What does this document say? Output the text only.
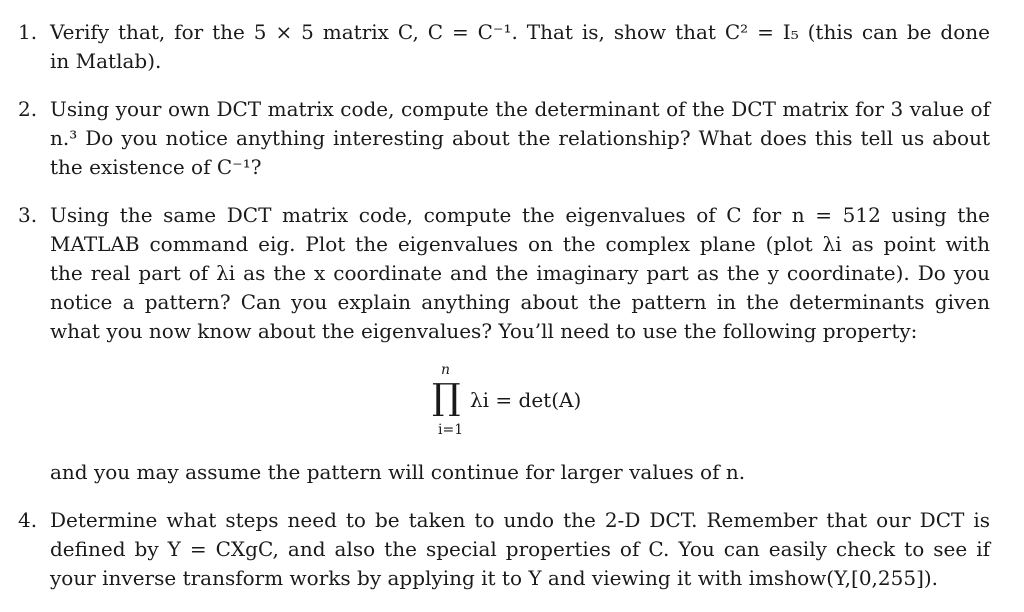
1. Verify that, for the 5 × 5 matrix C, C = C⁻¹. That is, show that C² = I₅ (this can be done
in Matlab).
2. Using your own DCT matrix code, compute the determinant of the DCT matrix for 3 value of
n.³ Do you notice anything interesting about the relationship? What does this tell us about
the existence of C⁻¹?
3. Using the same DCT matrix code, compute the eigenvalues of C for n = 512 using the
MATLAB command eig. Plot the eigenvalues on the complex plane (plot λi as point with
the real part of λi as the x coordinate and the imaginary part as the y coordinate). Do you
notice a pattern? Can you explain anything about the pattern in the determinants given
what you now know about the eigenvalues? You’ll need to use the following property:
n
∏
i=1
λi = det(A)
and you may assume the pattern will continue for larger values of n.
4. Determine what steps need to be taken to undo the 2-D DCT. Remember that our DCT is
defined by Y = CXgC, and also the special properties of C. You can easily check to see if
your inverse transform works by applying it to Y and viewing it with imshow(Y,[0,255]).
